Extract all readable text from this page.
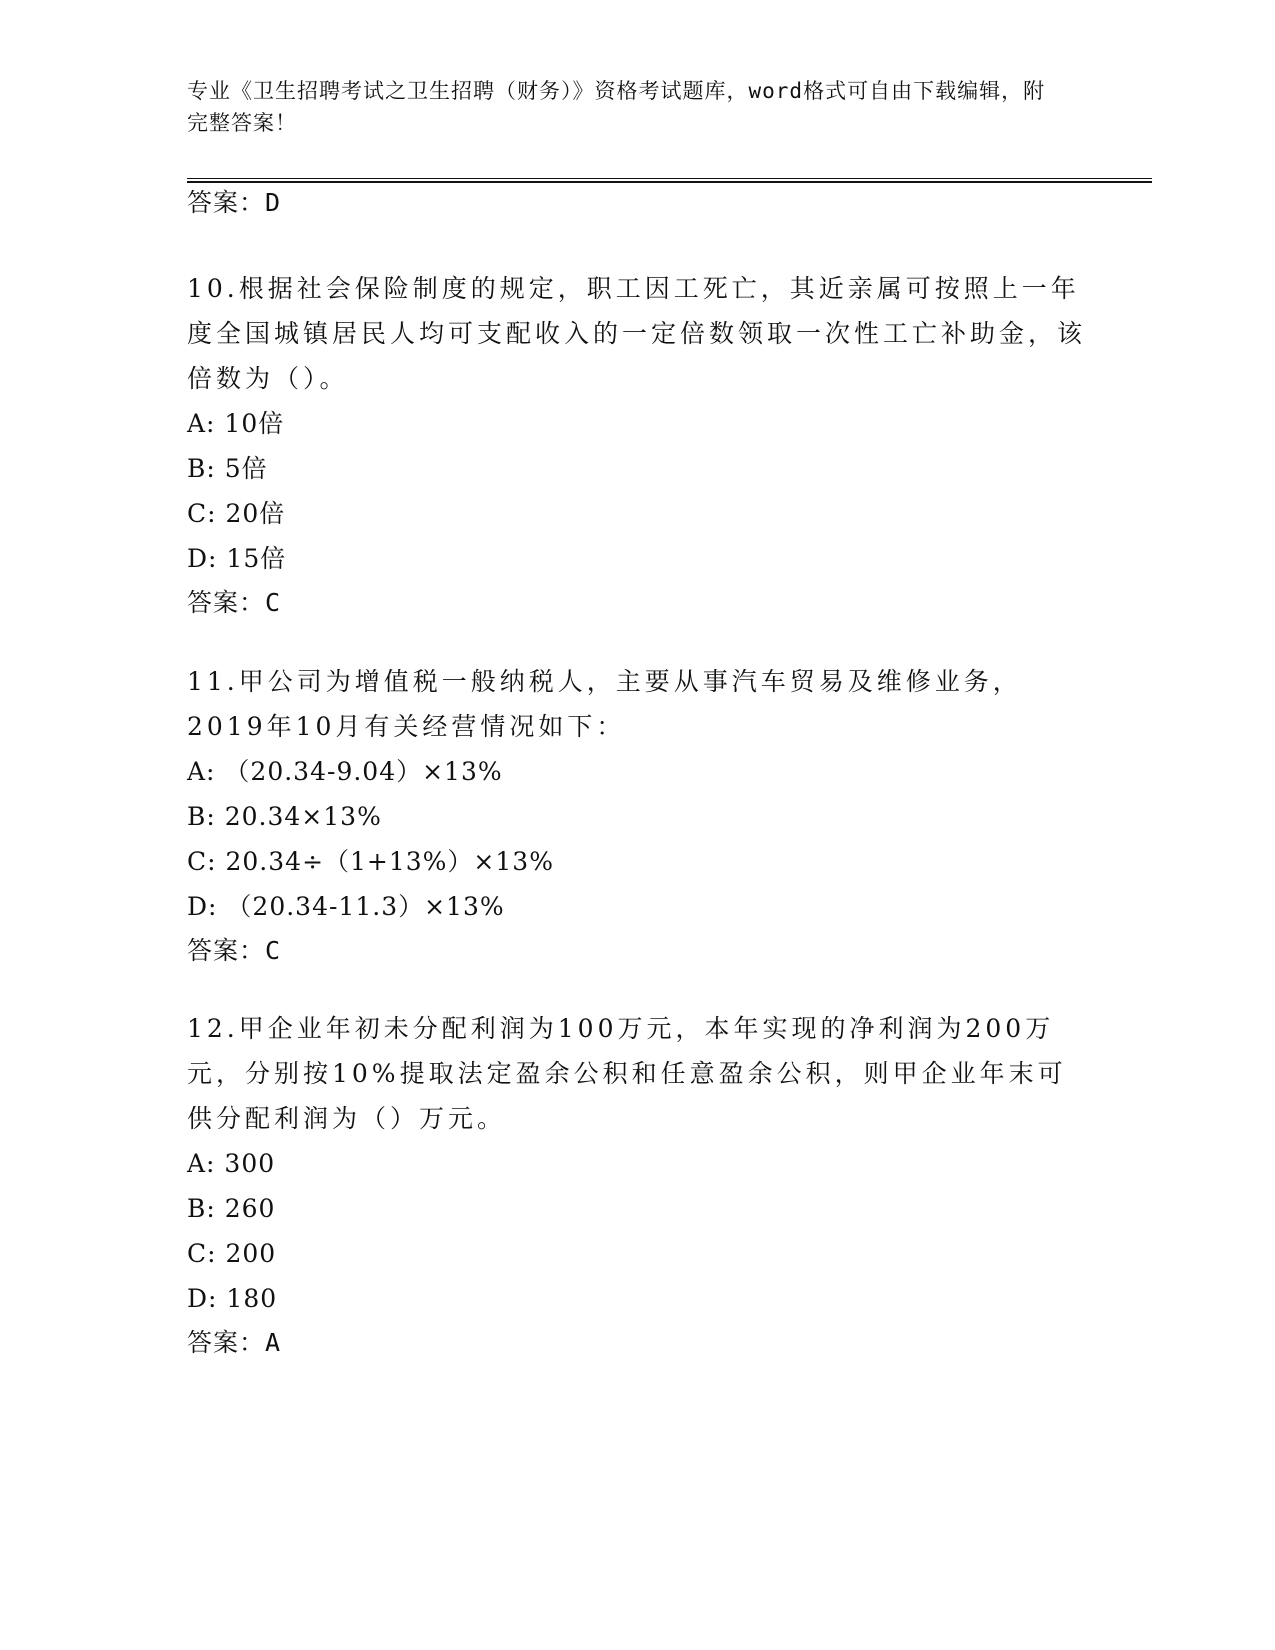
专业《卫生招聘考试之卫生招聘（财务）》资格考试题库，word格式可自由下载编辑，附完整答案！
答案：D
10.根据社会保险制度的规定，职工因工死亡，其近亲属可按照上一年度全国城镇居民人均可支配收入的一定倍数领取一次性工亡补助金，该倍数为（）。
A: 10倍
B: 5倍
C: 20倍
D: 15倍
答案：C
11.甲公司为增值税一般纳税人，主要从事汽车贸易及维修业务，2019年10月有关经营情况如下：
A: （20.34-9.04）×13%
B: 20.34×13%
C: 20.34÷（1+13%）×13%
D: （20.34-11.3）×13%
答案：C
12.甲企业年初未分配利润为100万元，本年实现的净利润为200万元，分别按10%提取法定盈余公积和任意盈余公积，则甲企业年末可供分配利润为（）万元。
A: 300
B: 260
C: 200
D: 180
答案：A
